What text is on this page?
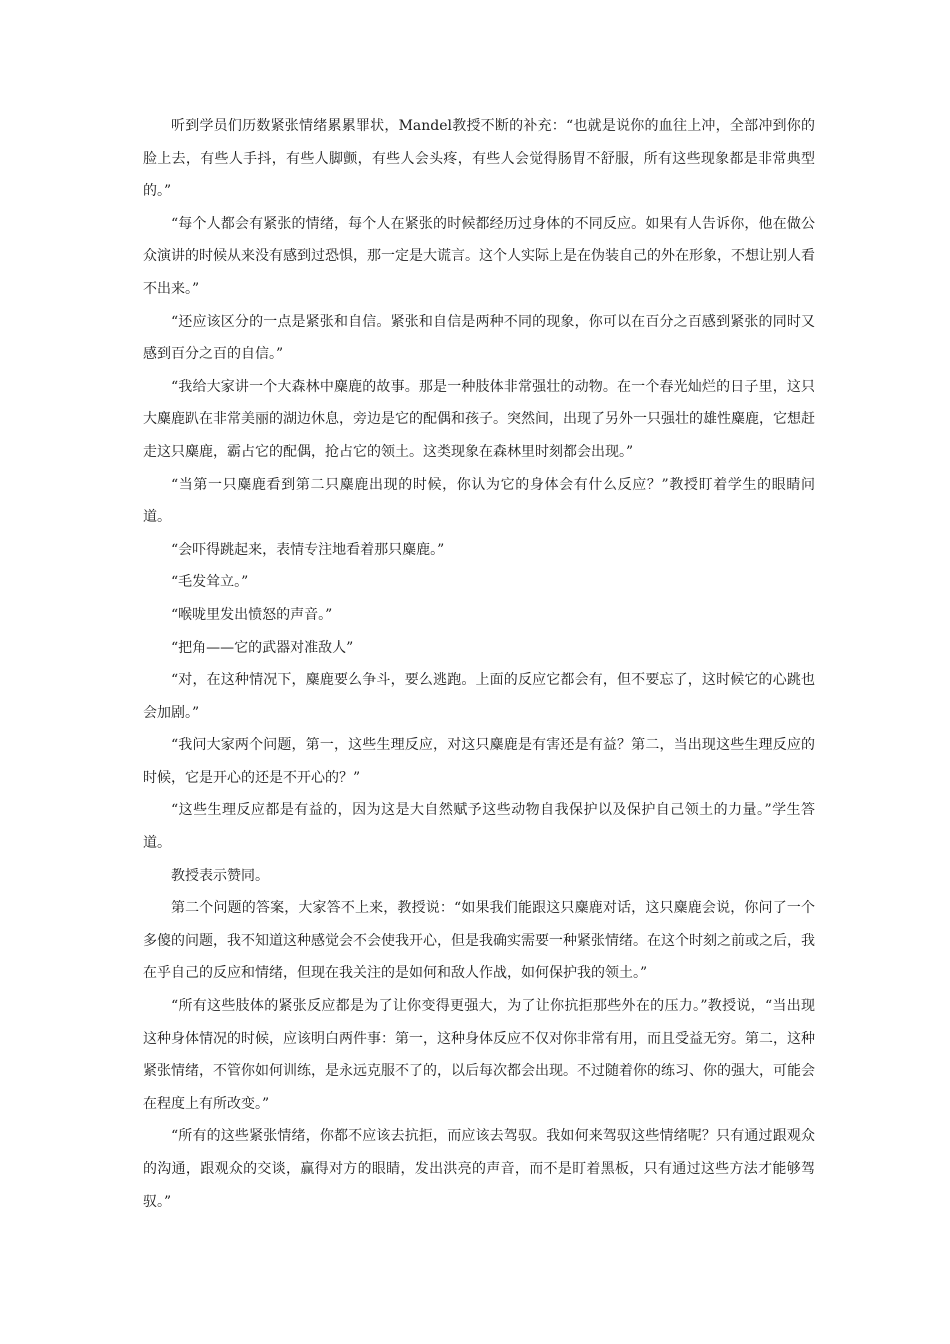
听到学员们历数紧张情绪累累罪状，Mandel教授不断的补充：“也就是说你的血往上冲，全部冲到你的脸上去，有些人手抖，有些人脚颤，有些人会头疼，有些人会觉得肠胃不舒服，所有这些现象都是非常典型的。”

“每个人都会有紧张的情绪，每个人在紧张的时候都经历过身体的不同反应。如果有人告诉你，他在做公众演讲的时候从来没有感到过恐惧，那一定是大谎言。这个人实际上是在伪装自己的外在形象，不想让别人看不出来。”

“还应该区分的一点是紧张和自信。紧张和自信是两种不同的现象，你可以在百分之百感到紧张的同时又感到百分之百的自信。”

“我给大家讲一个大森林中麋鹿的故事。那是一种肢体非常强壮的动物。在一个春光灿烂的日子里，这只大麋鹿趴在非常美丽的湖边休息，旁边是它的配偶和孩子。突然间，出现了另外一只强壮的雄性麋鹿，它想赶走这只麋鹿，霸占它的配偶，抢占它的领土。这类现象在森林里时刻都会出现。”

“当第一只麋鹿看到第二只麋鹿出现的时候，你认为它的身体会有什么反应？”教授盯着学生的眼睛问道。

“会吓得跳起来，表情专注地看着那只麋鹿。”

“毛发耸立。”

“喉咙里发出愤怒的声音。”

“把角——它的武器对准敌人”

“对，在这种情况下，麋鹿要么争斗，要么逃跑。上面的反应它都会有，但不要忘了，这时候它的心跳也会加剧。”

“我问大家两个问题，第一，这些生理反应，对这只麋鹿是有害还是有益？第二，当出现这些生理反应的时候，它是开心的还是不开心的？”

“这些生理反应都是有益的，因为这是大自然赋予这些动物自我保护以及保护自己领土的力量。”学生答道。

教授表示赞同。

第二个问题的答案，大家答不上来，教授说：“如果我们能跟这只麋鹿对话，这只麋鹿会说，你问了一个多傻的问题，我不知道这种感觉会不会使我开心，但是我确实需要一种紧张情绪。在这个时刻之前或之后，我在乎自己的反应和情绪，但现在我关注的是如何和敌人作战，如何保护我的领土。”

“所有这些肢体的紧张反应都是为了让你变得更强大，为了让你抗拒那些外在的压力。”教授说，“当出现这种身体情况的时候，应该明白两件事：第一，这种身体反应不仅对你非常有用，而且受益无穷。第二，这种紧张情绪，不管你如何训练，是永远克服不了的，以后每次都会出现。不过随着你的练习、你的强大，可能会在程度上有所改变。”

“所有的这些紧张情绪，你都不应该去抗拒，而应该去驾驭。我如何来驾驭这些情绪呢？只有通过跟观众的沟通，跟观众的交谈，赢得对方的眼睛，发出洪亮的声音，而不是盯着黑板，只有通过这些方法才能够驾驭。”
